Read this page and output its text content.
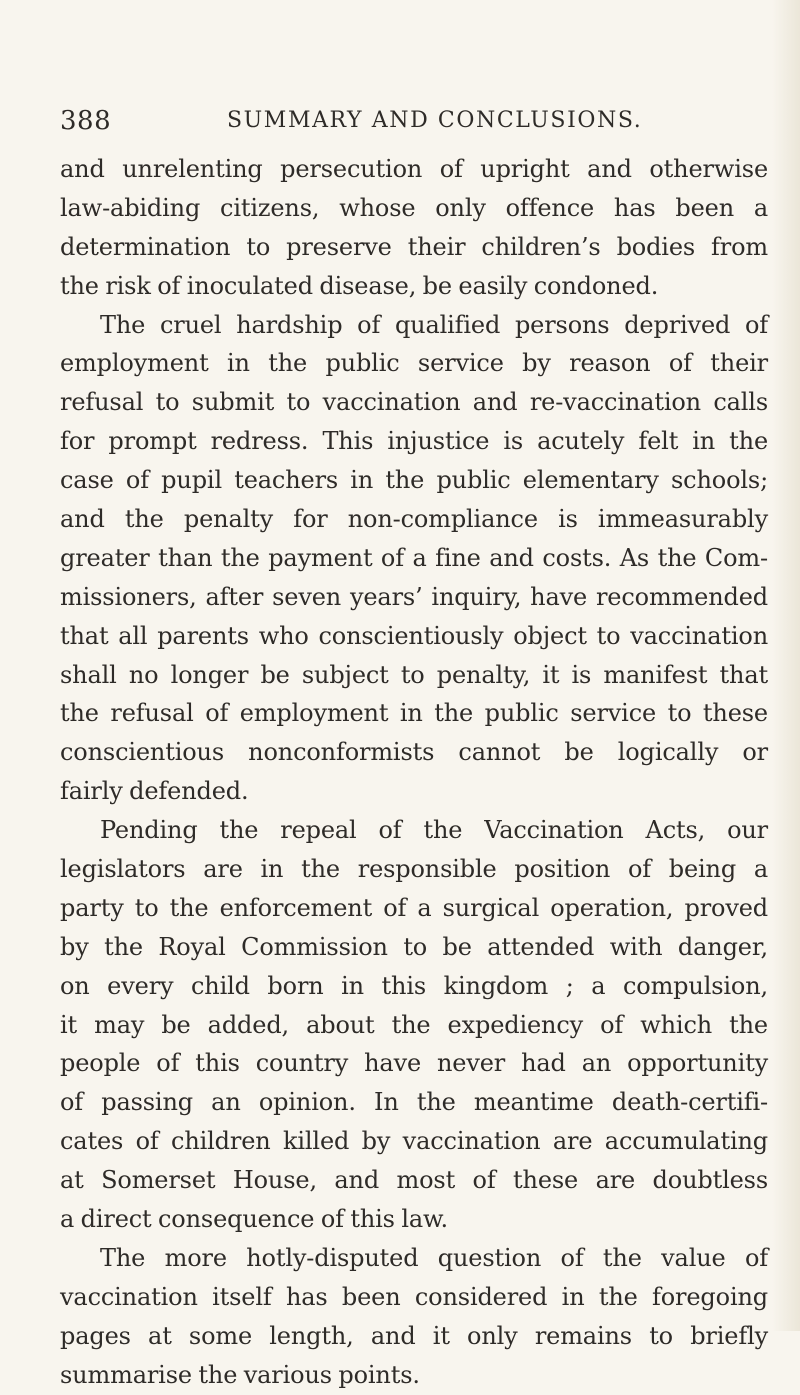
388	SUMMARY AND CONCLUSIONS.
and unrelenting persecution of upright and otherwise
law-abiding citizens, whose only offence has been a
determination to preserve their children’s bodies from
the risk of inoculated disease, be easily condoned.
The cruel hardship of qualified persons deprived of
employment in the public service by reason of their
refusal to submit to vaccination and re-vaccination calls
for prompt redress. This injustice is acutely felt in the
case of pupil teachers in the public elementary schools;
and the penalty for non-compliance is immeasurably
greater than the payment of a fine and costs. As the Com-
missioners, after seven years’ inquiry, have recommended
that all parents who conscientiously object to vaccination
shall no longer be subject to penalty, it is manifest that
the refusal of employment in the public service to these
conscientious nonconformists cannot be logically or
fairly defended.
Pending the repeal of the Vaccination Acts, our
legislators are in the responsible position of being a
party to the enforcement of a surgical operation, proved
by the Royal Commission to be attended with danger,
on every child born in this kingdom ; a compulsion,
it may be added, about the expediency of which the
people of this country have never had an opportunity
of passing an opinion. In the meantime death-certifi-
cates of children killed by vaccination are accumulating
at Somerset House, and most of these are doubtless
a direct consequence of this law.
The more hotly-disputed question of the value of
vaccination itself has been considered in the foregoing
pages at some length, and it only remains to briefly
summarise the various points.
